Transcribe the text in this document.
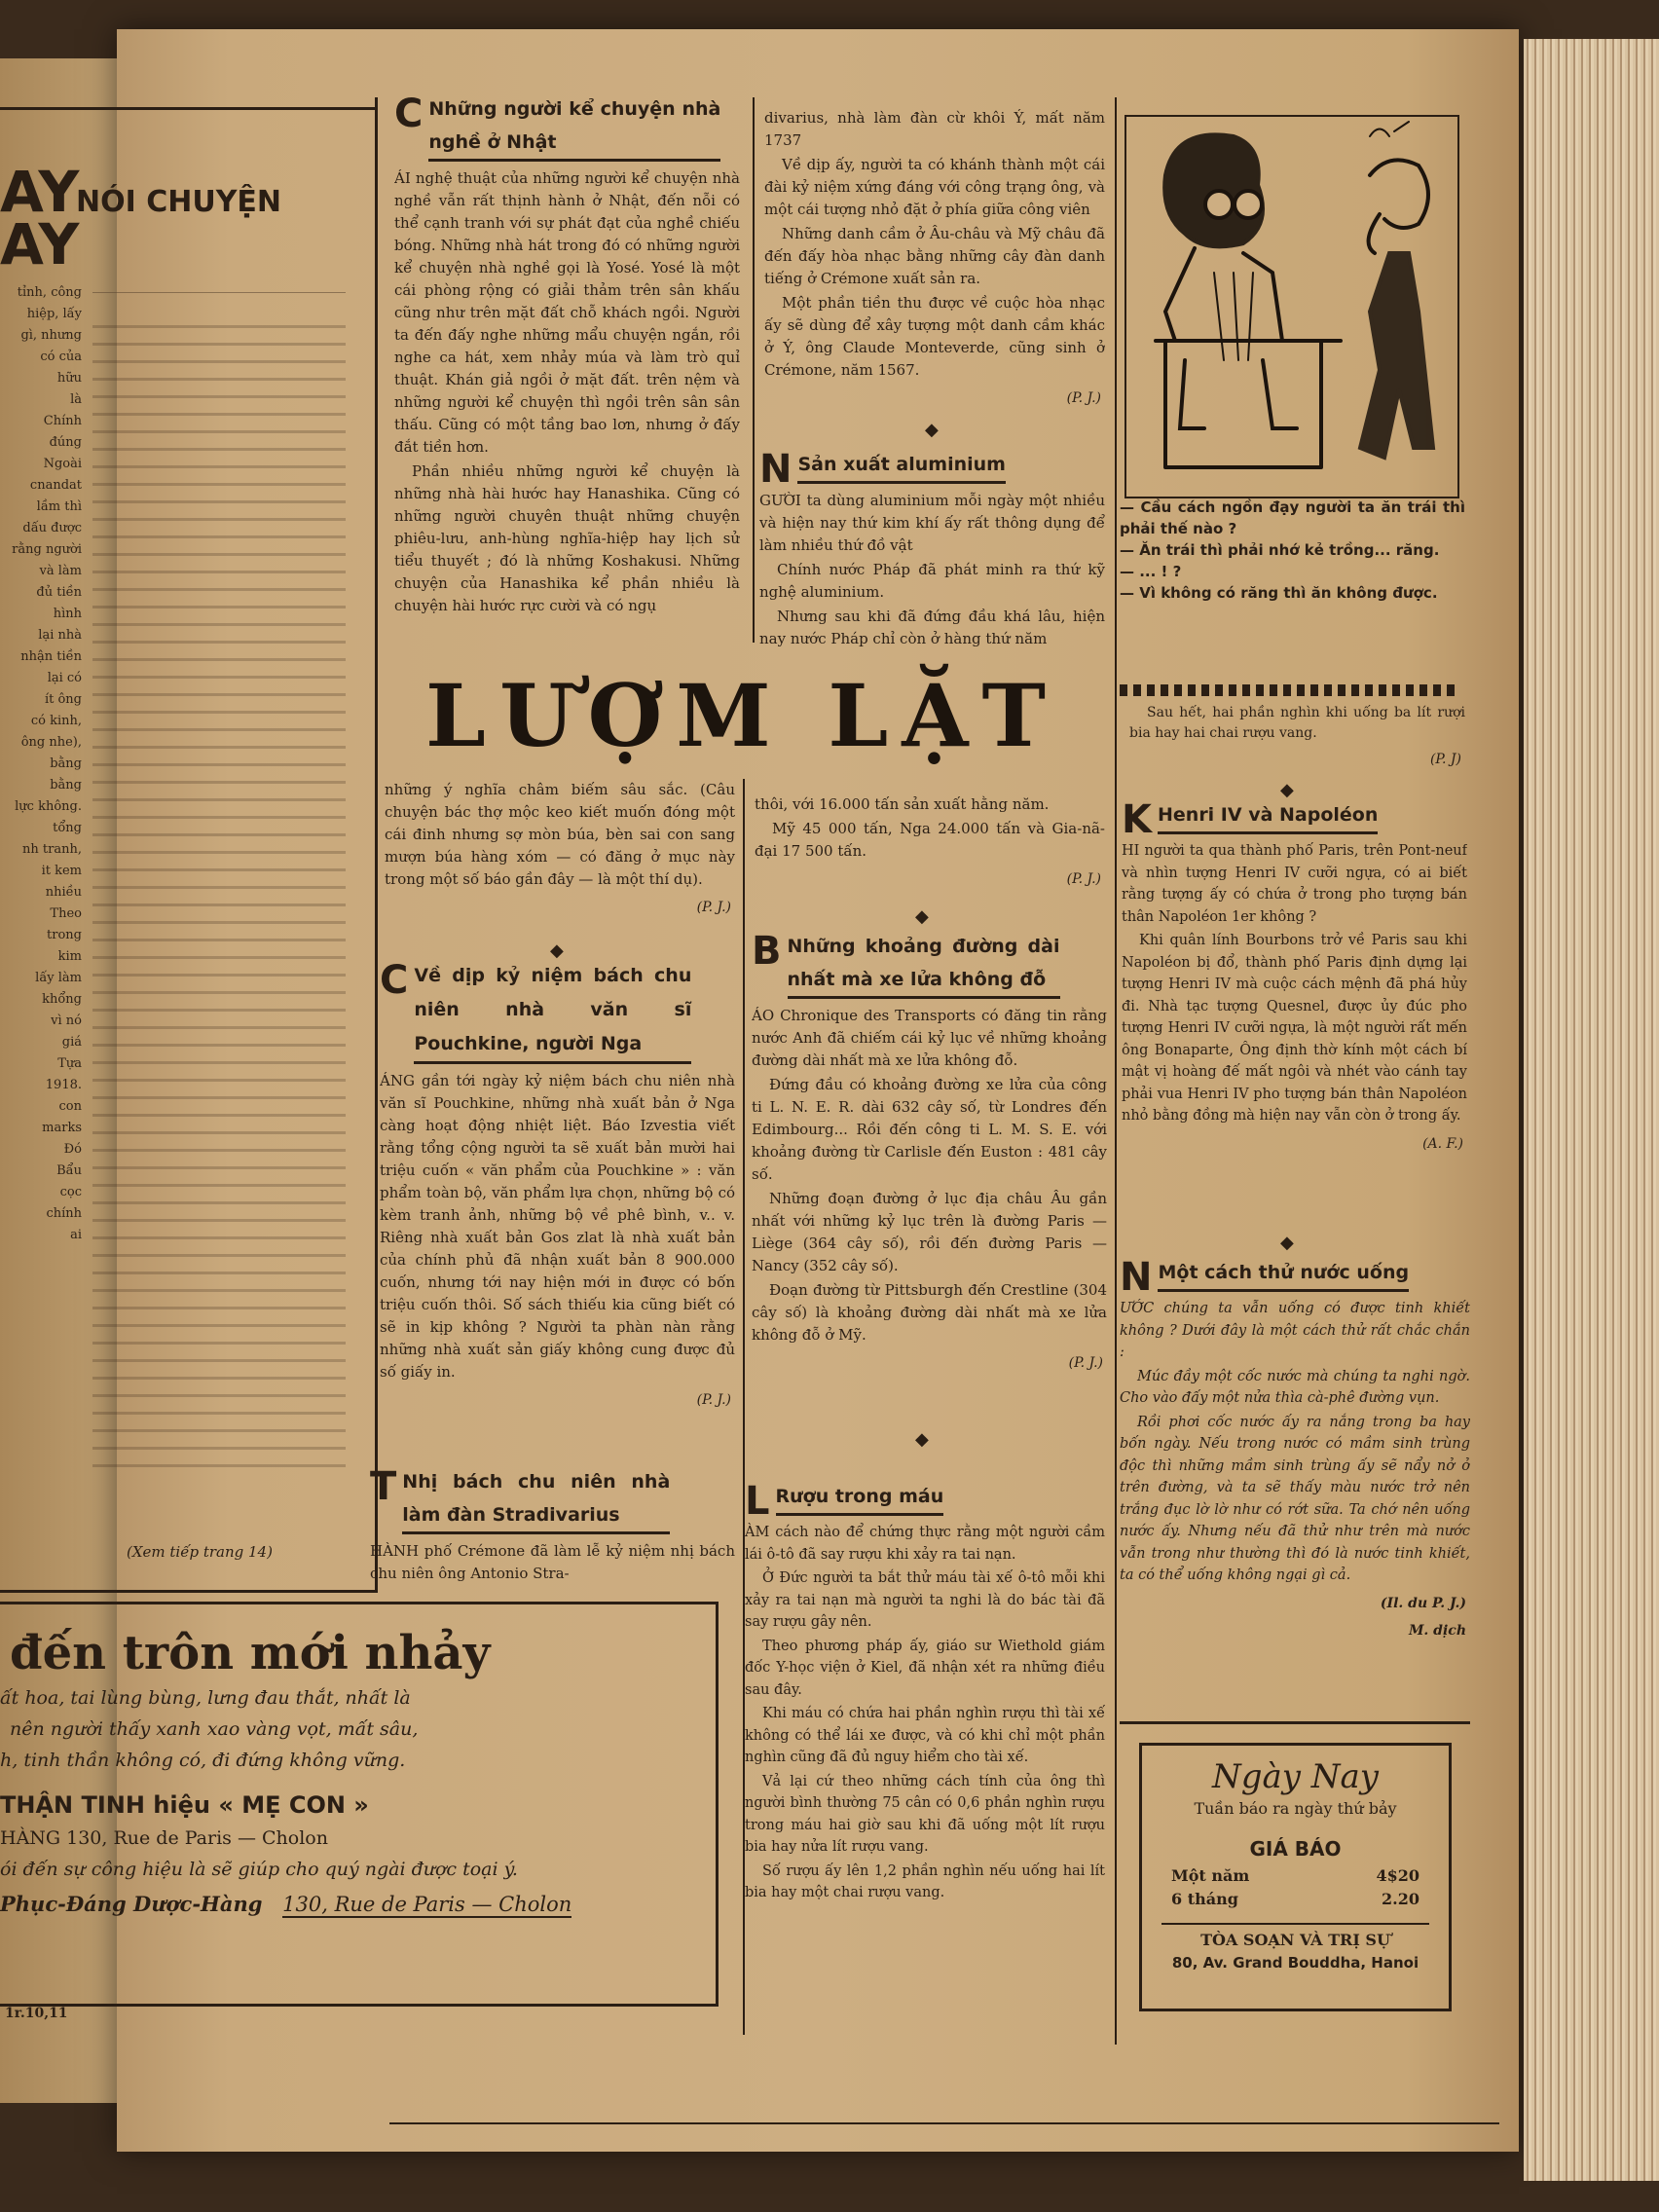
AY
AY
NÓI CHUYỆN
tỉnh, công
hiệp, lấy
gì, nhưng
có của
hữu
là
Chính
đúng
Ngoài
cnandat
lầm thì
dấu được
rằng người
và làm
đủ tiền
hình
lại nhà
nhận tiền
lại có
ít ông
có kinh,
ông nhe),
bằng
bằng
lực không.
tổng
nh tranh,
it kem
nhiều
Theo
trong
kim
lấy làm
khổng
vì nó
giá
Tựa
1918.
con
marks
Đó
Bẩu
cọc
chính
ai
(Xem tiếp trang 14)
1r.10,11
Những người kể chuyện nhà nghề ở Nhật
C

ÁI nghệ thuật của những người kể chuyện nhà nghề vẫn rất thịnh hành ở Nhật, đến nỗi có thể cạnh tranh với sự phát đạt của nghề chiếu bóng. Những nhà hát trong đó có những người kể chuyện nhà nghề gọi là Yosé. Yosé là một cái phòng rộng có giải thảm trên sân khấu cũng như trên mặt đất chỗ khách ngồi. Người ta đến đấy nghe những mẩu chuyện ngắn, rồi nghe ca hát, xem nhảy múa và làm trò quỉ thuật. Khán giả ngồi ở mặt đất. trên nệm và những người kể chuyện thì ngồi trên sân sân thấu. Cũng có một tầng bao lơn, nhưng ở đấy đắt tiền hơn.

Phần nhiều những người kể chuyện là những nhà hài hước hay Hanashika. Cũng có những người chuyên thuật những chuyện phiêu-lưu, anh-hùng nghĩa-hiệp hay lịch sử tiểu thuyết ; đó là những Koshakusi. Những chuyện của Hanashika kể phần nhiều là chuyện hài hước rực cười và có ngụ

divarius, nhà làm đàn cừ khôi Ý, mất năm 1737

Về dịp ấy, người ta có khánh thành một cái đài kỷ niệm xứng đáng với công trạng ông, và một cái tượng nhỏ đặt ở phía giữa công viên

Những danh cầm ở Âu-châu và Mỹ châu đã đến đấy hòa nhạc bằng những cây đàn danh tiếng ở Crémone xuất sản ra.

Một phần tiền thu được về cuộc hòa nhạc ấy sẽ dùng để xây tượng một danh cầm khác ở Ý, ông Claude Monteverde, cũng sinh ở Crémone, năm 1567.

(P. J.)
◆
Sản xuất aluminium
N

GƯỜI ta dùng aluminium mỗi ngày một nhiều và hiện nay thứ kim khí ấy rất thông dụng để làm nhiều thứ đồ vật

Chính nước Pháp đã phát minh ra thứ kỹ nghệ aluminium.

Nhưng sau khi đã đứng đầu khá lâu, hiện nay nước Pháp chỉ còn ở hàng thứ năm

— Cầu cách ngồn đạy người ta ăn trái thì phải thế nào ?
— Ăn trái thì phải nhớ kẻ trồng... răng.
— ... ! ?
— Vì không có răng thì ăn không được.

Sau hết, hai phần nghìn khi uống ba lít rượi bia hay hai chai rượu vang.

(P. J)
LƯỢM LẶT

những ý nghĩa châm biếm sâu sắc. (Câu chuyện bác thợ mộc keo kiết muốn đóng một cái đinh nhưng sợ mòn búa, bèn sai con sang mượn búa hàng xóm — có đăng ở mục này trong một số báo gần đây — là một thí dụ).

(P. J.)
◆
Về dịp kỷ niệm bách chu niên nhà văn sĩ Pouchkine, người Nga
C

ÁNG gần tới ngày kỷ niệm bách chu niên nhà văn sĩ Pouchkine, những nhà xuất bản ở Nga càng hoạt động nhiệt liệt. Báo Izvestia viết rằng tổng cộng người ta sẽ xuất bản mười hai triệu cuốn « văn phẩm của Pouchkine » : văn phẩm toàn bộ, văn phẩm lựa chọn, những bộ có kèm tranh ảnh, những bộ về phê bình, v.. v. Riêng nhà xuất bản Gos zlat là nhà xuất bản của chính phủ đã nhận xuất bản 8 900.000 cuốn, nhưng tới nay hiện mới in được có bốn triệu cuốn thôi. Số sách thiếu kia cũng biết có sẽ in kịp không ? Người ta phàn nàn rằng những nhà xuất sản giấy không cung được đủ số giấy in.

(P. J.)
Nhị bách chu niên nhà làm đàn Stradivarius
T

HÀNH phố Crémone đã làm lễ kỷ niệm nhị bách chu niên ông Antonio Stra-

thôi, với 16.000 tấn sản xuất hằng năm.

Mỹ 45 000 tấn, Nga 24.000 tấn và Gia-nã-đại 17 500 tấn.

(P. J.)
◆
Những khoảng đường dài nhất mà xe lửa không đỗ
B

ÁO Chronique des Transports có đăng tin rằng nước Anh đã chiếm cái kỷ lục về những khoảng đường dài nhất mà xe lửa không đỗ.

Đứng đầu có khoảng đường xe lửa của công ti L. N. E. R. dài 632 cây số, từ Londres đến Edimbourg... Rồi đến công ti L. M. S. E. với khoảng đường từ Carlisle đến Euston : 481 cây số.

Những đoạn đường ở lục địa châu Âu gần nhất với những kỷ lục trên là đường Paris — Liège (364 cây số), rồi đến đường Paris — Nancy (352 cây số).

Đoạn đường từ Pittsburgh đến Crestline (304 cây số) là khoảng đường dài nhất mà xe lửa không đỗ ở Mỹ.

(P. J.)
◆
Rượu trong máu
L

ÀM cách nào để chứng thực rằng một người cầm lái ô-tô đã say rượu khi xảy ra tai nạn.

Ở Đức người ta bắt thử máu tài xế ô-tô mỗi khi xảy ra tai nạn mà người ta nghi là do bác tài đã say rượu gây nên.

Theo phương pháp ấy, giáo sư Wiethold giám đốc Y-học viện ở Kiel, đã nhận xét ra những điều sau đây.

Khi máu có chứa hai phần nghìn rượu thì tài xế không có thể lái xe được, và có khi chỉ một phần nghìn cũng đã đủ nguy hiểm cho tài xế.

Vả lại cứ theo những cách tính của ông thì người bình thường 75 cân có 0,6 phần nghìn rượu trong máu hai giờ sau khi đã uống một lít rượu bia hay nửa lít rượu vang.

Số rượu ấy lên 1,2 phần nghìn nếu uống hai lít bia hay một chai rượu vang.

◆
Henri IV và Napoléon
K

HI người ta qua thành phố Paris, trên Pont-neuf và nhìn tượng Henri IV cưỡi ngựa, có ai biết rằng tượng ấy có chứa ở trong pho tượng bán thân Napoléon 1er không ?

Khi quân lính Bourbons trở về Paris sau khi Napoléon bị đổ, thành phố Paris định dựng lại tượng Henri IV mà cuộc cách mệnh đã phá hủy đi. Nhà tạc tượng Quesnel, được ủy đúc pho tượng Henri IV cưỡi ngựa, là một người rất mến ông Bonaparte, Ông định thờ kính một cách bí mật vị hoàng đế mất ngôi và nhét vào cánh tay phải vua Henri IV pho tượng bán thân Napoléon nhỏ bằng đồng mà hiện nay vẫn còn ở trong ấy.

(A. F.)
◆
Một cách thử nước uống
N

ƯỚC chúng ta vẫn uống có được tinh khiết không ? Dưới đây là một cách thử rất chắc chắn :

Múc đầy một cốc nước mà chúng ta nghi ngờ. Cho vào đấy một nửa thìa cà-phê đường vụn.

Rồi phơi cốc nước ấy ra nắng trong ba hay bốn ngày. Nếu trong nước có mầm sinh trùng độc thì những mầm sinh trùng ấy sẽ nẩy nở ở trên đường, và ta sẽ thấy màu nước trở nên trắng đục lờ lờ như có rớt sữa. Ta chớ nên uống nước ấy. Nhưng nếu đã thử như trên mà nước vẫn trong như thường thì đó là nước tinh khiết, ta có thể uống không ngại gì cả.

(Il. du P. J.)
M. dịch
Ngày Nay
Tuần báo ra ngày thứ bảy
GIÁ BÁO
Một năm	4$20
6 tháng	2.20
TÒA SOẠN VÀ TRỊ SỰ
80, Av. Grand Bouddha, Hanoi
đến trôn mới nhảy
ất hoa, tai lùng bùng, lưng đau thắt, nhất là
nên người thấy xanh xao vàng vọt, mất sâu,
h, tinh thần không có, đi đứng không vững.
THẬN TINH hiệu « MẸ CON »
HÀNG 130, Rue de Paris — Cholon
ói đến sự công hiệu là sẽ giúp cho quý ngài được toại ý.
Phục-Đáng Dược-Hàng 130, Rue de Paris — Cholon
